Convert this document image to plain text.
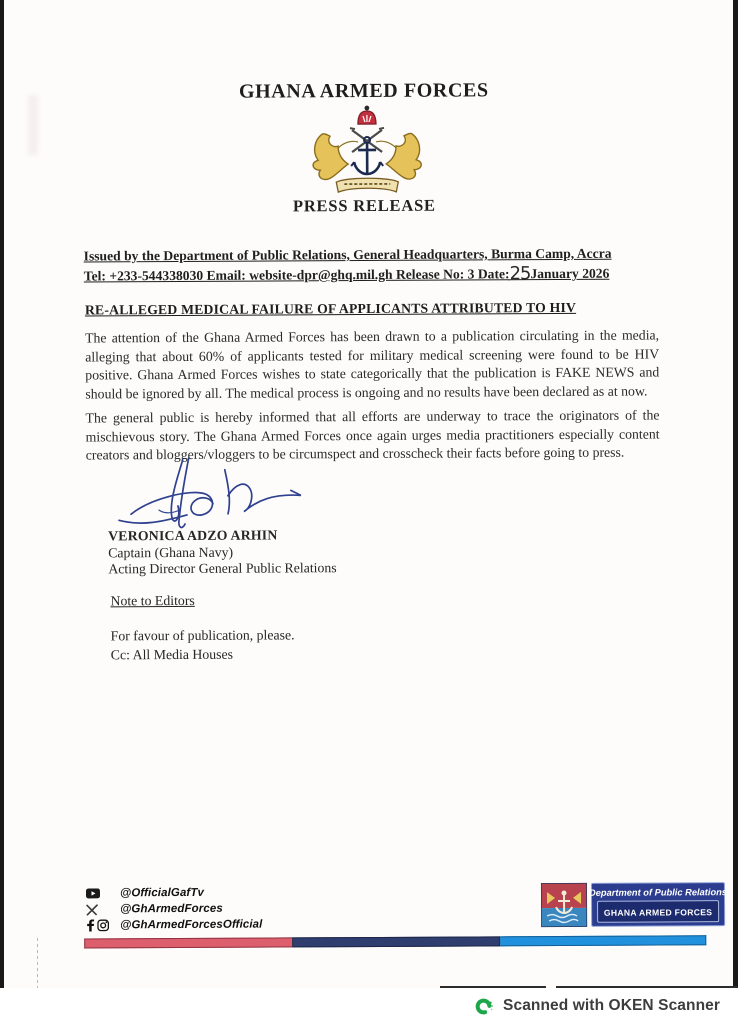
GHANA ARMED FORCES
PRESS RELEASE
Issued by the Department of Public Relations, General Headquarters, Burma Camp, Accra
Tel: +233-544338030 Email: website-dpr@ghq.mil.gh Release No: 3 Date:25January 2026
RE-ALLEGED MEDICAL FAILURE OF APPLICANTS ATTRIBUTED TO HIV
The attention of the Ghana Armed Forces has been drawn to a publication circulating in the media, alleging that about 60% of applicants tested for military medical screening were found to be HIV positive. Ghana Armed Forces wishes to state categorically that the publication is FAKE NEWS and should be ignored by all. The medical process is ongoing and no results have been declared as at now.
The general public is hereby informed that all efforts are underway to trace the originators of the mischievous story. The Ghana Armed Forces once again urges media practitioners especially content creators and bloggers/vloggers to be circumspect and crosscheck their facts before going to press.
VERONICA ADZO ARHIN
Captain (Ghana Navy)
Acting Director General Public Relations
Note to Editors
For favour of publication, please.
Cc: All Media Houses
@OfficialGafTv
@GhArmedForces
@GhArmedForcesOfficial
Department of Public Relations
GHANA ARMED FORCES
Scanned with OKEN Scanner
